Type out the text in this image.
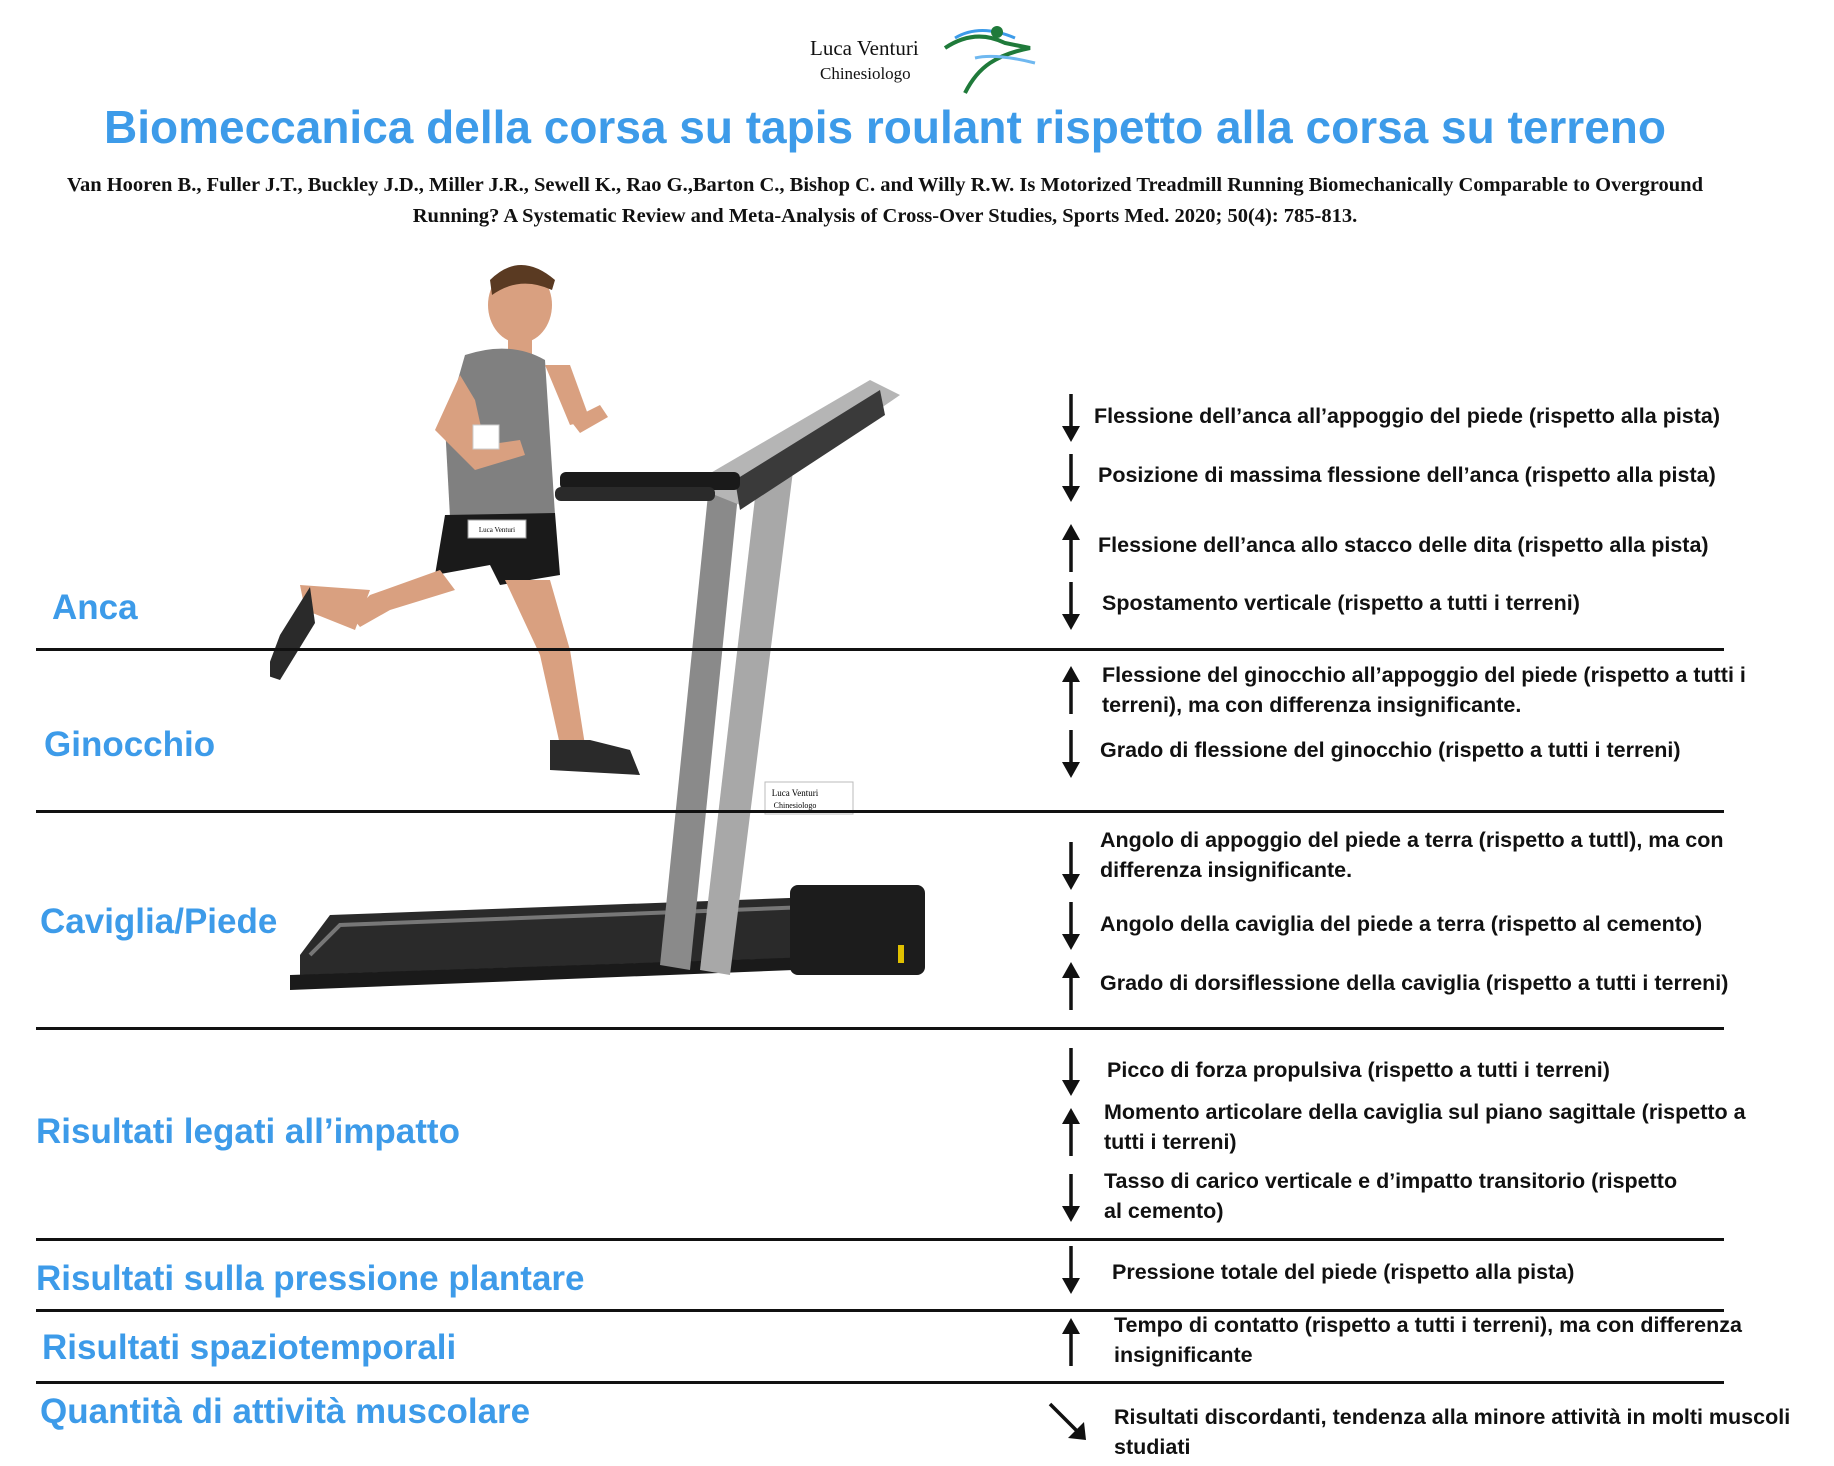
Luca Venturi
Chinesiologo
Biomeccanica della corsa su tapis roulant rispetto alla corsa su terreno
Van Hooren B., Fuller J.T., Buckley J.D., Miller J.R., Sewell K., Rao G.,Barton C., Bishop C. and Willy R.W. Is Motorized Treadmill Running Biomechanically Comparable to Overground Running? A Systematic Review and Meta-Analysis of Cross-Over Studies, Sports Med. 2020; 50(4): 785-813.
Luca Venturi
Luca Venturi
Chinesiologo
Anca
Ginocchio
Caviglia/Piede
Risultati legati all’impatto
Risultati sulla pressione plantare
Risultati spaziotemporali
Quantità di attività muscolare
Flessione dell’anca all’appoggio del piede (rispetto alla pista)
Posizione di massima flessione dell’anca (rispetto alla pista)
Flessione dell’anca allo stacco delle dita (rispetto alla pista)
Spostamento verticale (rispetto a tutti i terreni)
Flessione del ginocchio all’appoggio del piede (rispetto a tutti i terreni), ma con differenza insignificante.
Grado di flessione del ginocchio (rispetto a tutti i terreni)
Angolo di appoggio del piede a terra (rispetto a tuttl), ma con differenza insignificante.
Angolo della caviglia del piede a terra (rispetto al cemento)
Grado di dorsiflessione della caviglia (rispetto a tutti i terreni)
Picco di forza propulsiva (rispetto a tutti i terreni)
Momento articolare della caviglia sul piano sagittale (rispetto a tutti i terreni)
Tasso di carico verticale e d’impatto transitorio (rispetto al cemento)
Pressione totale del piede (rispetto alla pista)
Tempo di contatto (rispetto a tutti i terreni), ma con differenza insignificante
Risultati discordanti, tendenza alla minore attività in molti muscoli studiati
